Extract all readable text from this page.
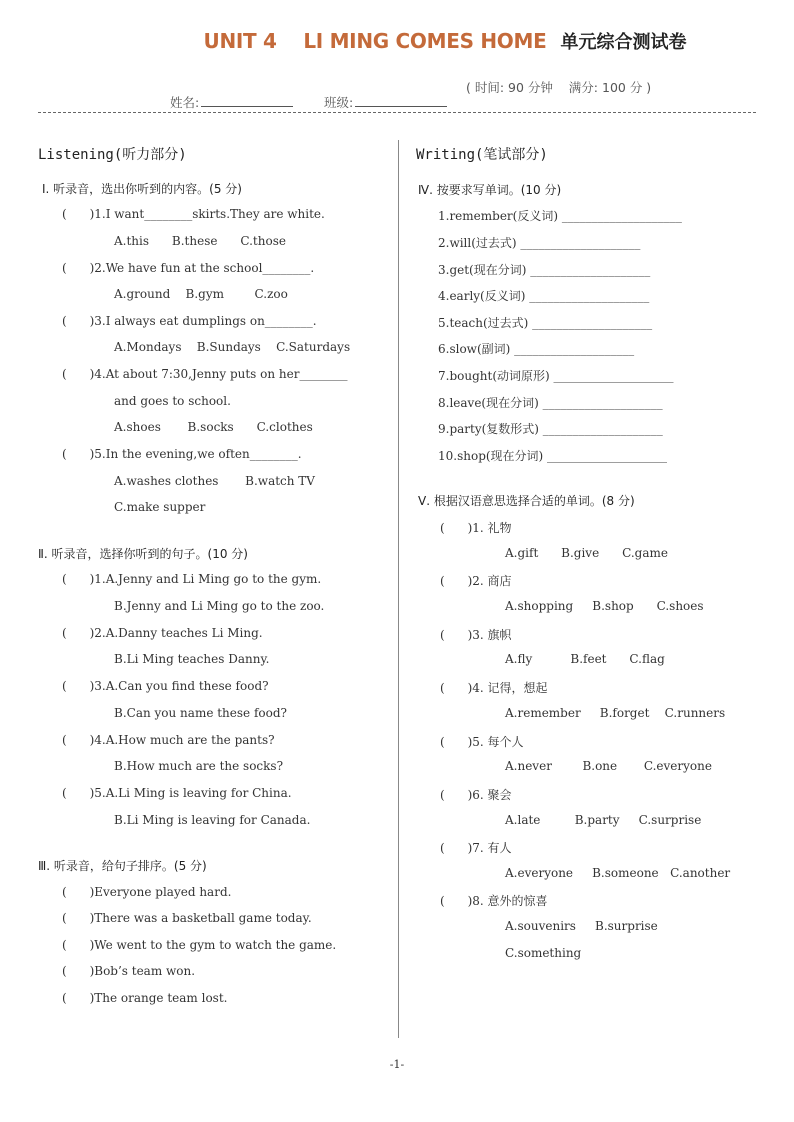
UNIT 4    LI MING COMES HOME 单元综合测试卷

姓名:	班级:

( 时间: 90 分钟    满分: 100 分 )
Listening(听力部分)
Ⅰ. 听录音，选出你听到的内容。(5 分)
(      )1.I want________skirts.They are white.
A.this      B.these      C.those
(      )2.We have fun at the school________.
A.ground    B.gym        C.zoo
(      )3.I always eat dumplings on________.
A.Mondays    B.Sundays    C.Saturdays
(      )4.At about 7:30,Jenny puts on her________
and goes to school.
A.shoes       B.socks      C.clothes
(      )5.In the evening,we often________.
A.washes clothes       B.watch TV
C.make supper
Ⅱ. 听录音，选择你听到的句子。(10 分)
(      )1.A.Jenny and Li Ming go to the gym.
B.Jenny and Li Ming go to the zoo.
(      )2.A.Danny teaches Li Ming.
B.Li Ming teaches Danny.
(      )3.A.Can you find these food?
B.Can you name these food?
(      )4.A.How much are the pants?
B.How much are the socks?
(      )5.A.Li Ming is leaving for China.
B.Li Ming is leaving for Canada.
Ⅲ. 听录音，给句子排序。(5 分)
(      )Everyone played hard.
(      )There was a basketball game today.
(      )We went to the gym to watch the game.
(      )Bob’s team won.
(      )The orange team lost.
Writing(笔试部分)
Ⅳ. 按要求写单词。(10 分)
1.remember(反义词) ____________________
2.will(过去式) ____________________
3.get(现在分词) ____________________
4.early(反义词) ____________________
5.teach(过去式) ____________________
6.slow(副词) ____________________
7.bought(动词原形) ____________________
8.leave(现在分词) ____________________
9.party(复数形式) ____________________
10.shop(现在分词) ____________________
Ⅴ. 根据汉语意思选择合适的单词。(8 分)
(      )1. 礼物
A.gift      B.give      C.game
(      )2. 商店
A.shopping     B.shop      C.shoes
(      )3. 旗帜
A.fly          B.feet      C.flag
(      )4. 记得，想起
A.remember     B.forget    C.runners
(      )5. 每个人
A.never        B.one       C.everyone
(      )6. 聚会
A.late         B.party     C.surprise
(      )7. 有人
A.everyone     B.someone   C.another
(      )8. 意外的惊喜
A.souvenirs     B.surprise
C.something
-1-
